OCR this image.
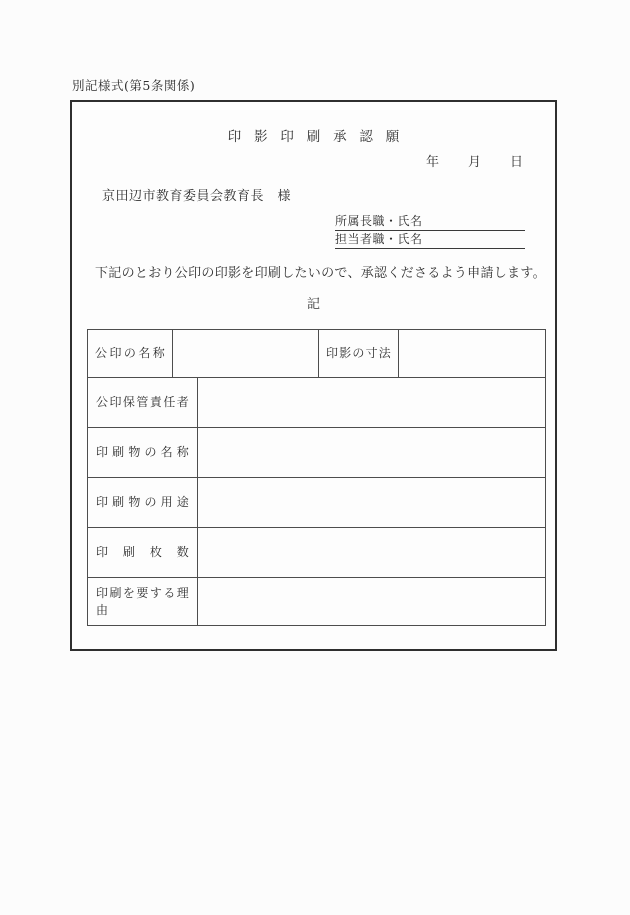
別記様式(第5条関係)
印影印刷承認願
年　　月　　日
京田辺市教育委員会教育長　様
所属長職・氏名
担当者職・氏名
下記のとおり公印の印影を印刷したいので、承認くださるよう申請します。
記
公印の名称			印影の寸法	

公印保管責任者				

印刷物の名称				

印刷物の用途				

印刷枚数				

印刷を要する理由				
